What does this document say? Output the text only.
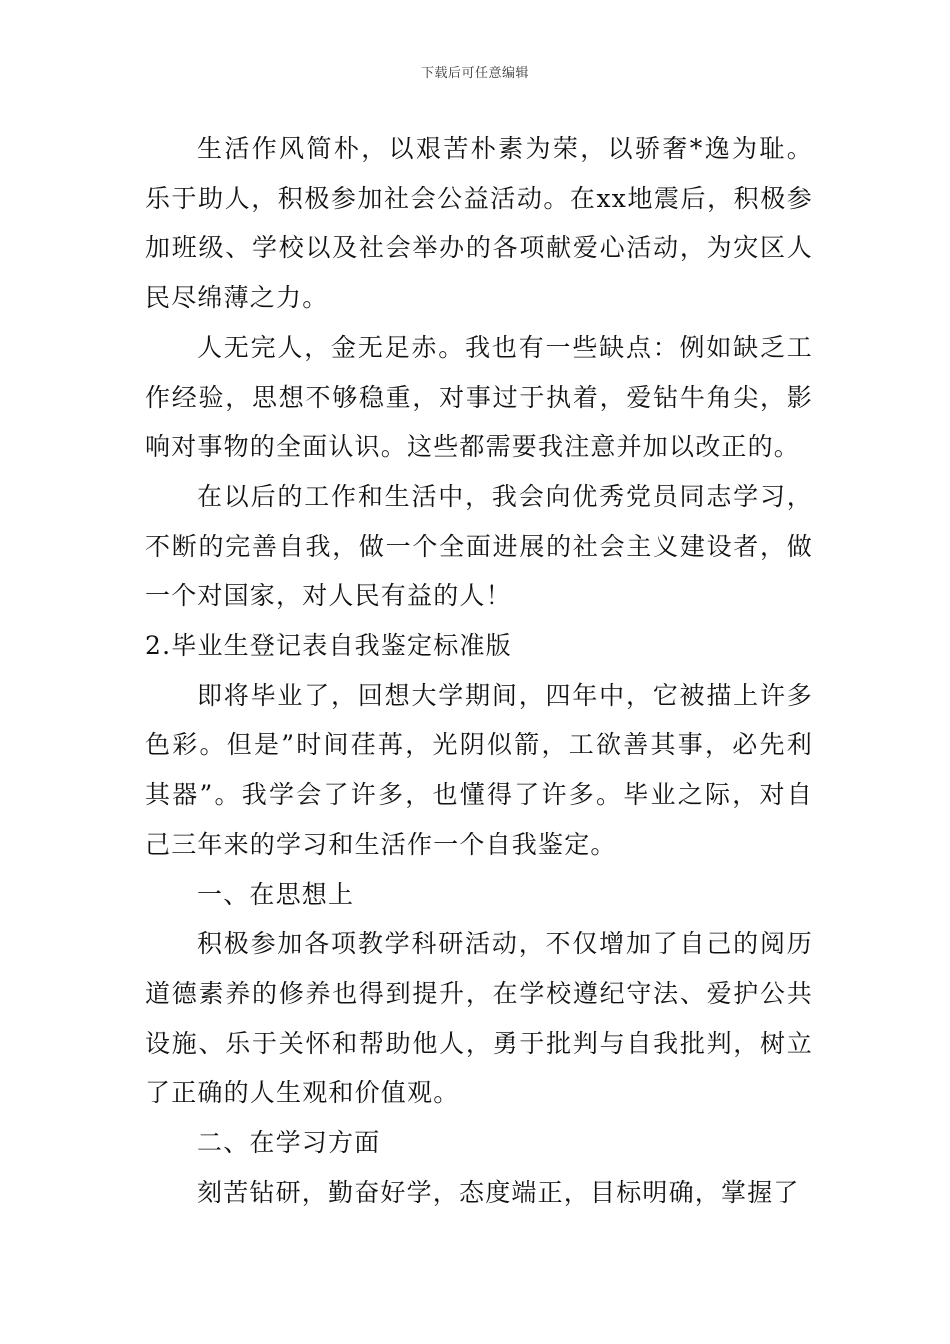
下载后可任意编辑

生活作风简朴，以艰苦朴素为荣，以骄奢*逸为耻。乐于助人，积极参加社会公益活动。在xx地震后，积极参加班级、学校以及社会举办的各项献爱心活动，为灾区人民尽绵薄之力。

人无完人，金无足赤。我也有一些缺点：例如缺乏工作经验，思想不够稳重，对事过于执着，爱钻牛角尖，影响对事物的全面认识。这些都需要我注意并加以改正的。

在以后的工作和生活中，我会向优秀党员同志学习，不断的完善自我，做一个全面进展的社会主义建设者，做一个对国家，对人民有益的人！

2.毕业生登记表自我鉴定标准版

即将毕业了，回想大学期间，四年中，它被描上许多色彩。但是”时间荏苒，光阴似箭，工欲善其事，必先利其器”。我学会了许多，也懂得了许多。毕业之际，对自己三年来的学习和生活作一个自我鉴定。

一、在思想上

积极参加各项教学科研活动，不仅增加了自己的阅历道德素养的修养也得到提升，在学校遵纪守法、爱护公共设施、乐于关怀和帮助他人，勇于批判与自我批判，树立了正确的人生观和价值观。

二、在学习方面

刻苦钻研，勤奋好学，态度端正，目标明确，掌握了
